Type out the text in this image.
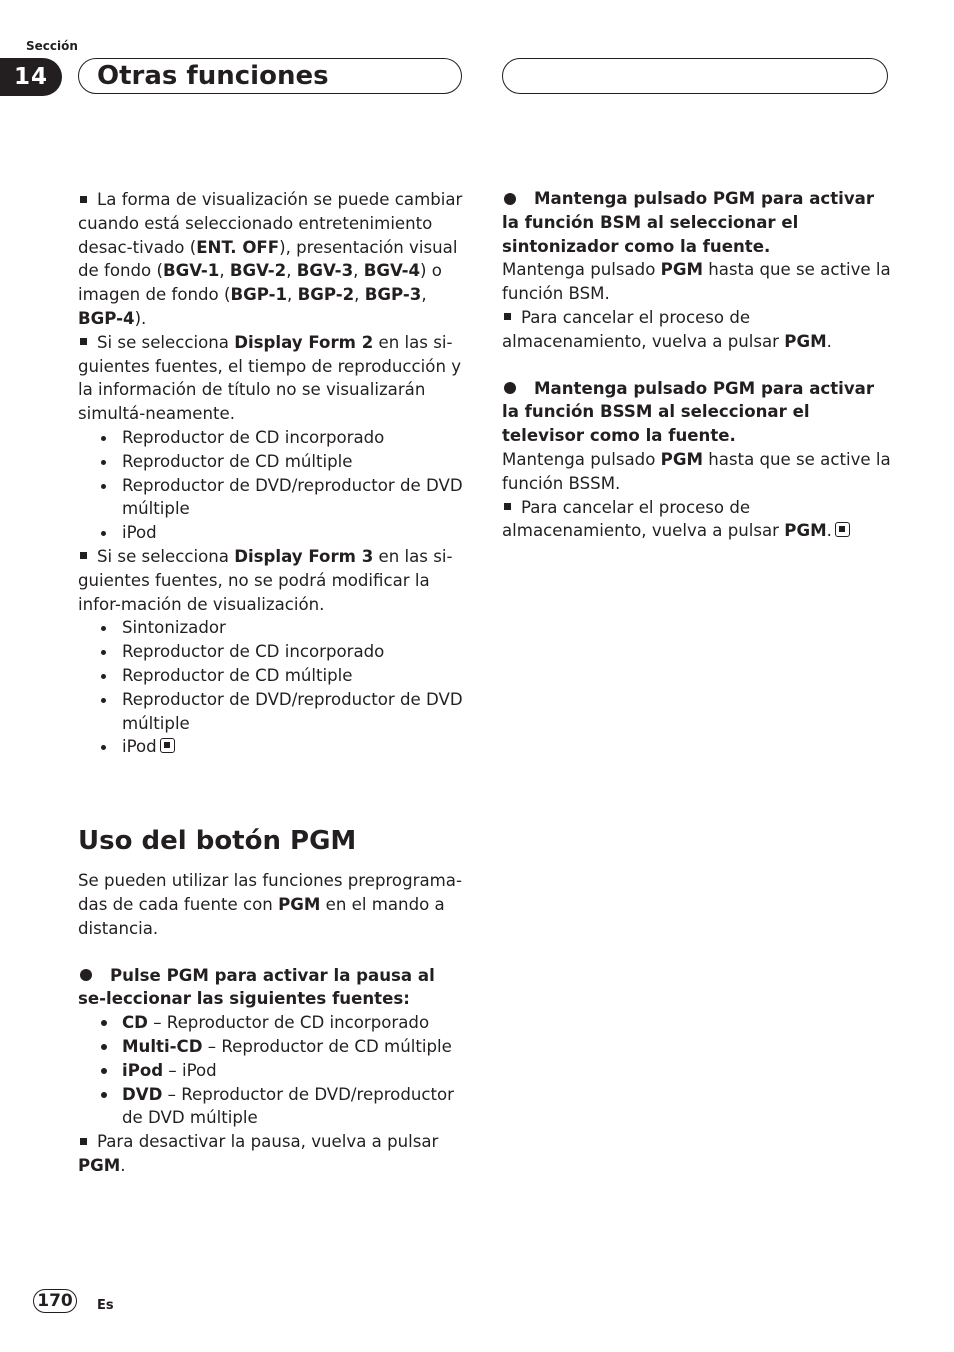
Sección
14	Otras funciones

La forma de visualización se puede cambiar cuando está seleccionado entretenimiento desac-tivado (ENT. OFF), presentación visual de fondo (BGV-1, BGV-2, BGV-3, BGV-4) o imagen de fondo (BGP-1, BGP-2, BGP-3, BGP-4).

Si se selecciona Display Form 2 en las si-guientes fuentes, el tiempo de reproducción y la información de título no se visualizarán simultá-neamente.

Reproductor de CD incorporado

Reproductor de CD múltiple

Reproductor de DVD/reproductor de DVD múltiple

iPod

Si se selecciona Display Form 3 en las si-guientes fuentes, no se podrá modificar la infor-mación de visualización.

Sintonizador

Reproductor de CD incorporado

Reproductor de CD múltiple

Reproductor de DVD/reproductor de DVD múltiple

iPod

Uso del botón PGM

Se pueden utilizar las funciones preprograma-das de cada fuente con PGM en el mando a distancia.

Pulse PGM para activar la pausa al se-leccionar las siguientes fuentes:

CD – Reproductor de CD incorporado

Multi-CD – Reproductor de CD múltiple

iPod – iPod

DVD – Reproductor de DVD/reproductor de DVD múltiple

Para desactivar la pausa, vuelva a pulsar PGM.

Mantenga pulsado PGM para activar la función BSM al seleccionar el sintonizador como la fuente.

Mantenga pulsado PGM hasta que se active la función BSM.

Para cancelar el proceso de almacenamiento, vuelva a pulsar PGM.

Mantenga pulsado PGM para activar la función BSSM al seleccionar el televisor como la fuente.

Mantenga pulsado PGM hasta que se active la función BSSM.

Para cancelar el proceso de almacenamiento, vuelva a pulsar PGM.

170	Es
